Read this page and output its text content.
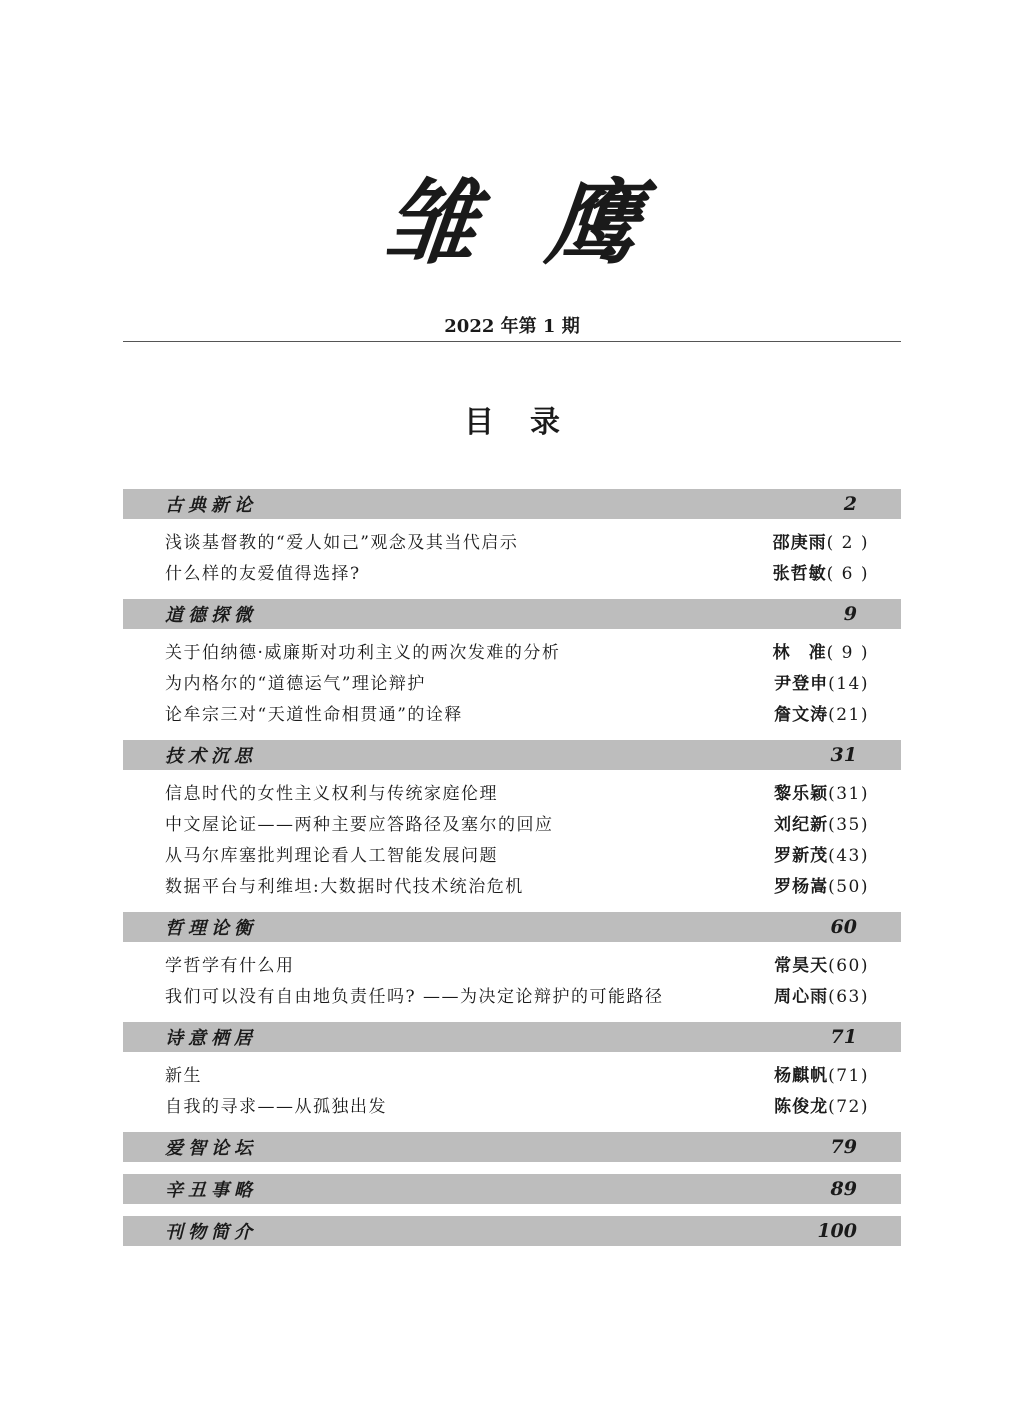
雏鹰
2022 年第 1 期
目录
古典新论	2
浅谈基督教的“爱人如己”观念及其当代启示	邵庚雨( 2 )
什么样的友爱值得选择?	张哲敏( 6 )
道德探微	9
关于伯纳德·威廉斯对功利主义的两次发难的分析	林　准( 9 )
为内格尔的“道德运气”理论辩护	尹登申(14)
论牟宗三对“天道性命相贯通”的诠释	詹文涛(21)
技术沉思	31
信息时代的女性主义权利与传统家庭伦理	黎乐颖(31)
中文屋论证——两种主要应答路径及塞尔的回应	刘纪新(35)
从马尔库塞批判理论看人工智能发展问题	罗新茂(43)
数据平台与利维坦:大数据时代技术统治危机	罗杨嵩(50)
哲理论衡	60
学哲学有什么用	常昊天(60)
我们可以没有自由地负责任吗? ——为决定论辩护的可能路径	周心雨(63)
诗意栖居	71
新生	杨麒帆(71)
自我的寻求——从孤独出发	陈俊龙(72)
爱智论坛	79
辛丑事略	89
刊物简介	100
